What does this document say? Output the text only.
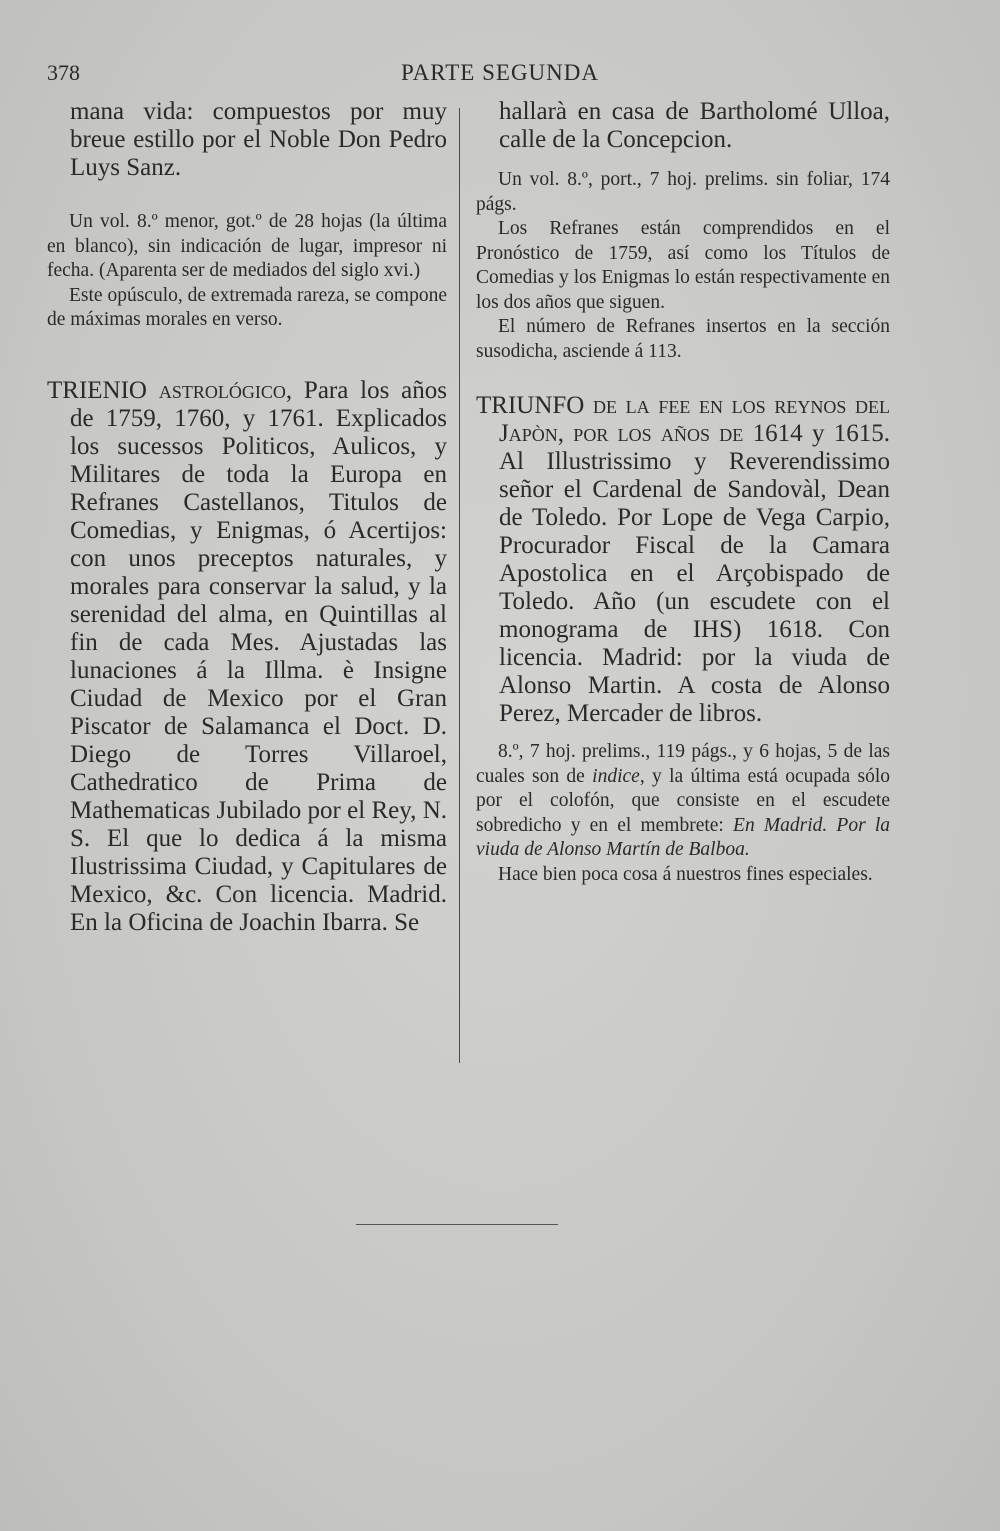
378	PARTE SEGUNDA

mana vida: compuestos por muy breue estillo por el Noble Don Pedro Luys Sanz.

Un vol. 8.º menor, got.º de 28 hojas (la última en blanco), sin indicación de lugar, impresor ni fecha. (Aparenta ser de mediados del siglo xvi.)

Este opúsculo, de extremada rareza, se compone de máximas morales en verso.

TRIENIO astrológico, Para los años de 1759, 1760, y 1761. Explicados los sucessos Politicos, Aulicos, y Militares de toda la Europa en Refranes Castellanos, Titulos de Comedias, y Enigmas, ó Acertijos: con unos preceptos naturales, y morales para conservar la salud, y la serenidad del alma, en Quintillas al fin de cada Mes. Ajustadas las lunaciones á la Illma. è Insigne Ciudad de Mexico por el Gran Piscator de Salamanca el Doct. D. Diego de Torres Villaroel, Cathedratico de Prima de Mathematicas Jubilado por el Rey, N. S. El que lo dedica á la misma Ilustrissima Ciudad, y Capitulares de Mexico, &c. Con licencia. Madrid. En la Oficina de Joachin Ibarra. Se

hallarà en casa de Bartholomé Ulloa, calle de la Concepcion.

Un vol. 8.º, port., 7 hoj. prelims. sin foliar, 174 págs.

Los Refranes están comprendidos en el Pronóstico de 1759, así como los Títulos de Comedias y los Enigmas lo están respectivamente en los dos años que siguen.

El número de Refranes insertos en la sección susodicha, asciende á 113.

TRIUNFO de la fee en los reynos del Japòn, por los años de 1614 y 1615. Al Illustrissimo y Reverendissimo señor el Cardenal de Sandovàl, Dean de Toledo. Por Lope de Vega Carpio, Procurador Fiscal de la Camara Apostolica en el Arçobispado de Toledo. Año (un escudete con el monograma de IHS) 1618. Con licencia. Madrid: por la viuda de Alonso Martin. A costa de Alonso Perez, Mercader de libros.

8.º, 7 hoj. prelims., 119 págs., y 6 hojas, 5 de las cuales son de indice, y la última está ocupada sólo por el colofón, que consiste en el escudete sobredicho y en el membrete: En Madrid. Por la viuda de Alonso Martín de Balboa.

Hace bien poca cosa á nuestros fines especiales.
